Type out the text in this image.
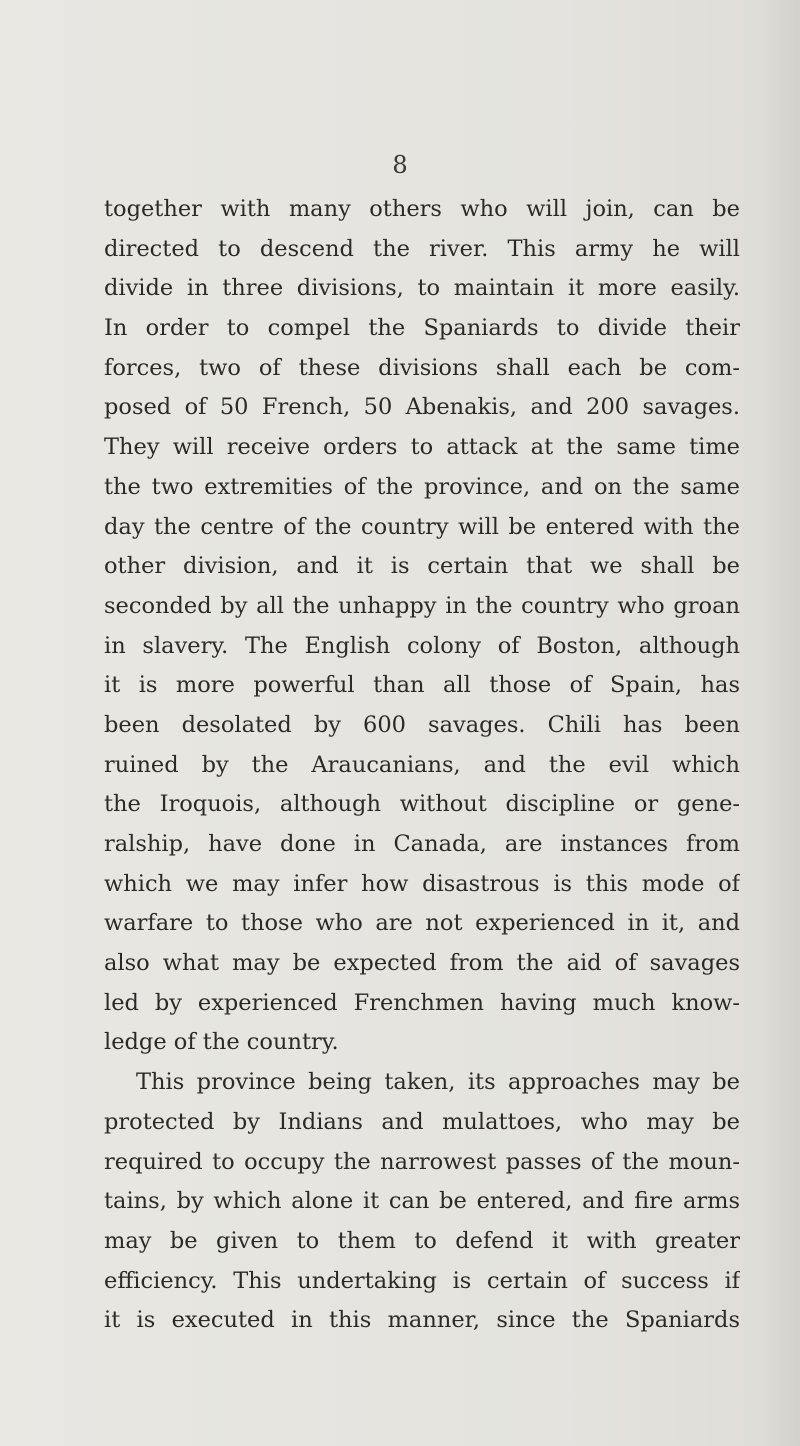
8
together with many others who will join, can be
directed to descend the river. This army he will
divide in three divisions, to maintain it more easily.
In order to compel the Spaniards to divide their
forces, two of these divisions shall each be com-
posed of 50 French, 50 Abenakis, and 200 savages.
They will receive orders to attack at the same time
the two extremities of the province, and on the same
day the centre of the country will be entered with the
other division, and it is certain that we shall be
seconded by all the unhappy in the country who groan
in slavery. The English colony of Boston, although
it is more powerful than all those of Spain, has
been desolated by 600 savages. Chili has been
ruined by the Araucanians, and the evil which
the Iroquois, although without discipline or gene-
ralship, have done in Canada, are instances from
which we may infer how disastrous is this mode of
warfare to those who are not experienced in it, and
also what may be expected from the aid of savages
led by experienced Frenchmen having much know-
ledge of the country.
This province being taken, its approaches may be
protected by Indians and mulattoes, who may be
required to occupy the narrowest passes of the moun-
tains, by which alone it can be entered, and fire arms
may be given to them to defend it with greater
efficiency. This undertaking is certain of success if
it is executed in this manner, since the Spaniards
